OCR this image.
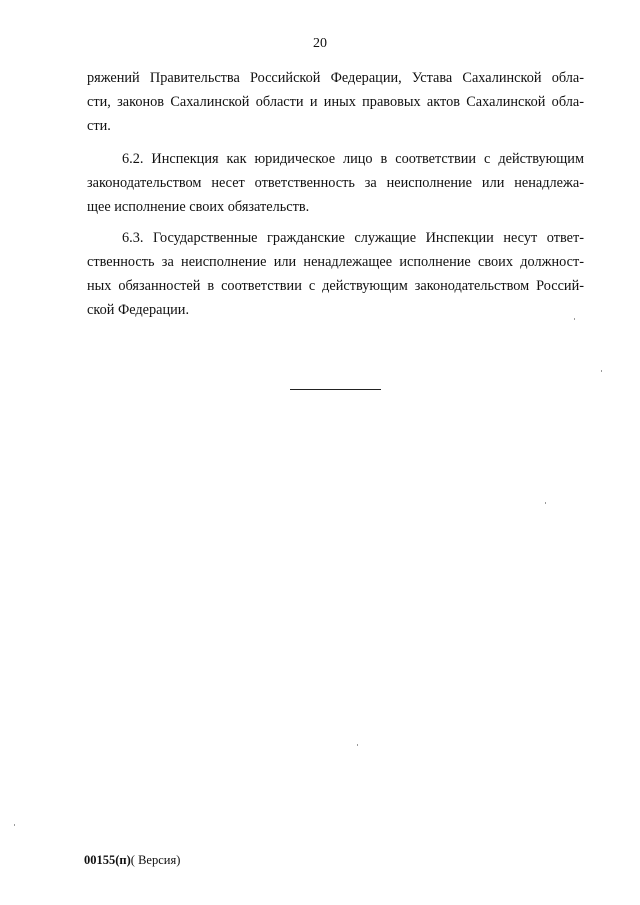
20
ряжений Правительства Российской Федерации, Устава Сахалинской обла-
сти, законов Сахалинской области и иных правовых актов Сахалинской обла-
сти.
6.2. Инспекция как юридическое лицо в соответствии с действующим
законодательством несет ответственность за неисполнение или ненадлежа-
щее исполнение своих обязательств.
6.3. Государственные гражданские служащие Инспекции несут ответ-
ственность за неисполнение или ненадлежащее исполнение своих должност-
ных обязанностей в соответствии с действующим законодательством Россий-
ской Федерации.
00155(п)( Версия)
